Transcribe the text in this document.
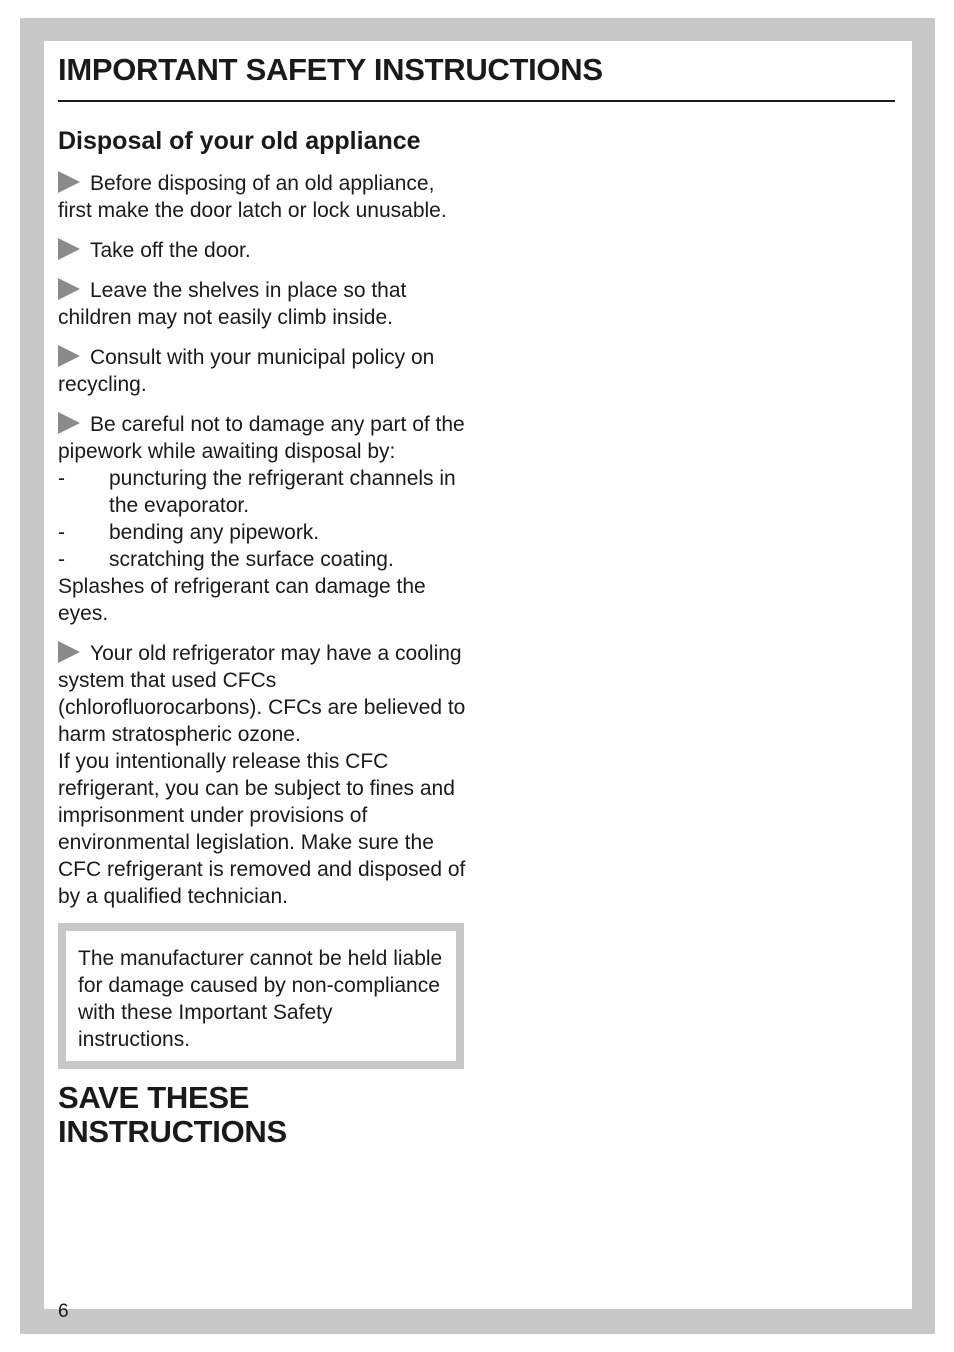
IMPORTANT SAFETY INSTRUCTIONS
Disposal of your old appliance

Before disposing of an old appliance, first make the door latch or lock unusable.

Take off the door.

Leave the shelves in place so that children may not easily climb inside.

Consult with your municipal policy on recycling.

Be careful not to damage any part of the pipework while awaiting disposal by:

-	puncturing the refrigerant channels in the evaporator.
-	bending any pipework.
-	scratching the surface coating.

Splashes of refrigerant can damage the eyes.

Your old refrigerator may have a cooling system that used CFCs (chlorofluorocarbons). CFCs are believed to harm stratospheric ozone.

If you intentionally release this CFC refrigerant, you can be subject to fines and imprisonment under provisions of environmental legislation. Make sure the CFC refrigerant is removed and disposed of by a qualified technician.

The manufacturer cannot be held liable for damage caused by non-compliance with these Important Safety instructions.
SAVE THESE INSTRUCTIONS
6
